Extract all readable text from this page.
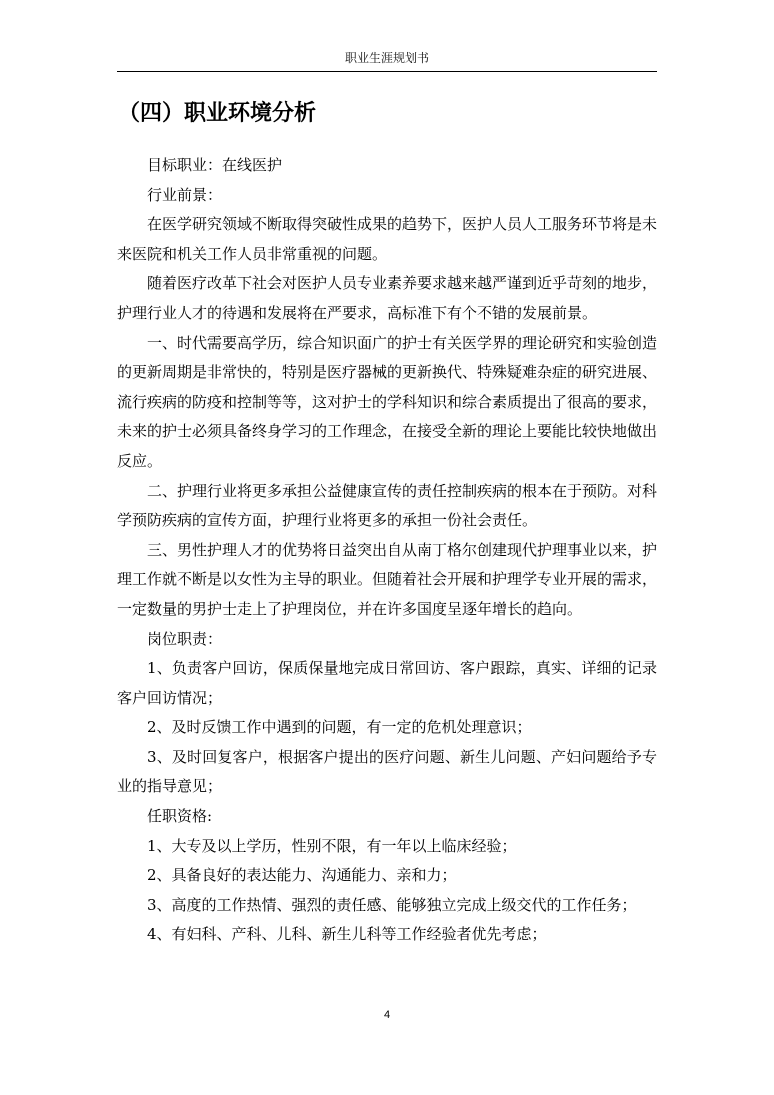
职业生涯规划书
（四）职业环境分析

目标职业：在线医护

行业前景：

在医学研究领域不断取得突破性成果的趋势下，医护人员人工服务环节将是未来医院和机关工作人员非常重视的问题。

随着医疗改革下社会对医护人员专业素养要求越来越严谨到近乎苛刻的地步，护理行业人才的待遇和发展将在严要求，高标准下有个不错的发展前景。

一、时代需要高学历，综合知识面广的护士有关医学界的理论研究和实验创造的更新周期是非常快的，特别是医疗器械的更新换代、特殊疑难杂症的研究进展、流行疾病的防疫和控制等等，这对护士的学科知识和综合素质提出了很高的要求，未来的护士必须具备终身学习的工作理念，在接受全新的理论上要能比较快地做出反应。

二、护理行业将更多承担公益健康宣传的责任控制疾病的根本在于预防。对科学预防疾病的宣传方面，护理行业将更多的承担一份社会责任。

三、男性护理人才的优势将日益突出自从南丁格尔创建现代护理事业以来，护理工作就不断是以女性为主导的职业。但随着社会开展和护理学专业开展的需求，一定数量的男护士走上了护理岗位，并在许多国度呈逐年增长的趋向。

岗位职责：

1、负责客户回访，保质保量地完成日常回访、客户跟踪，真实、详细的记录客户回访情况；

2、及时反馈工作中遇到的问题，有一定的危机处理意识；

3、及时回复客户，根据客户提出的医疗问题、新生儿问题、产妇问题给予专业的指导意见；

任职资格:

1、大专及以上学历，性别不限，有一年以上临床经验；

2、具备良好的表达能力、沟通能力、亲和力；

3、高度的工作热情、强烈的责任感、能够独立完成上级交代的工作任务；

4、有妇科、产科、儿科、新生儿科等工作经验者优先考虑；

4
